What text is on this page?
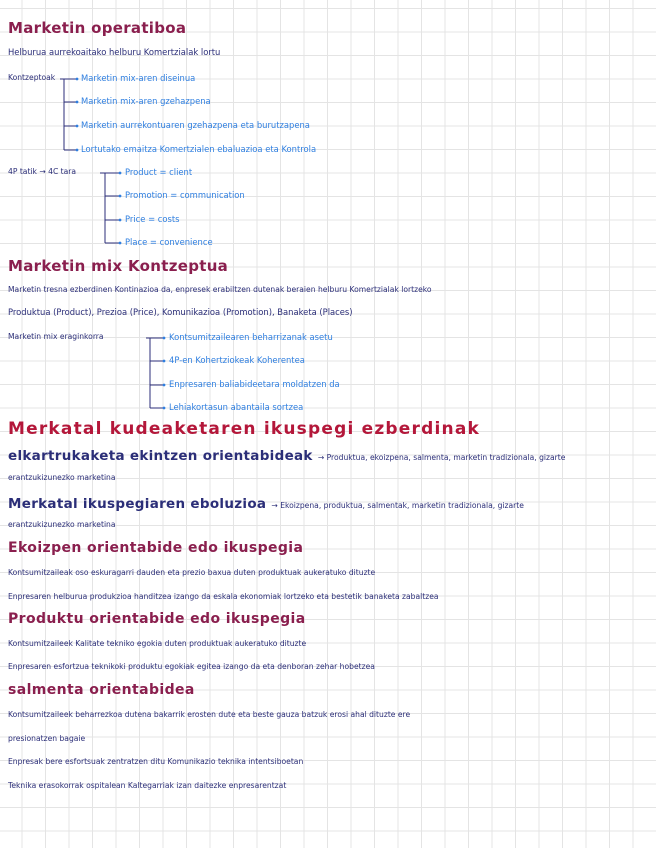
Marketin operatiboa
Helburua aurrekoaitako helburu Komertzialak lortu
Kontzeptoak	Marketin mix-aren diseinua
Marketin mix-aren gzehazpena
Marketin aurrekontuaren gzehazpena eta burutzapena
Lortutako emaitza Komertzialen ebaluazioa eta Kontrola
4P tatik → 4C tara	Product = client
Promotion = communication
Price = costs
Place = convenience
Marketin mix Kontzeptua
Marketin tresna ezberdinen Kontinazioa da, enpresek erabiltzen dutenak beraien helburu Komertzialak lortzeko
Produktua (Product), Prezioa (Price), Komunikazioa (Promotion), Banaketa (Places)
Marketin mix eraginkorra	Kontsumitzailearen beharrizanak asetu
4P-en Kohertziokeak Koherentea
Enpresaren baliabideetara moldatzen da
Lehiakortasun abantaila sortzea
Merkatal kudeaketaren ikuspegi ezberdinak
elkartrukaketa ekintzen orientabideak → Produktua, ekoizpena, salmenta, marketin tradizionala, gizarte
erantzukizunezko marketina
Merkatal ikuspegiaren eboluzioa → Ekoizpena, produktua, salmentak, marketin tradizionala, gizarte
erantzukizunezko marketina
Ekoizpen orientabide edo ikuspegia
Kontsumitzaileak oso eskuragarri dauden eta prezio baxua duten produktuak aukeratuko dituzte
Enpresaren helburua produkzioa handitzea izango da eskala ekonomiak lortzeko eta bestetik banaketa zabaltzea
Produktu orientabide edo ikuspegia
Kontsumitzaileek Kalitate tekniko egokia duten produktuak aukeratuko dituzte
Enpresaren esfortzua teknikoki produktu egokiak egitea izango da eta denboran zehar hobetzea
salmenta orientabidea
Kontsumitzaileek beharrezkoa dutena bakarrik erosten dute eta beste gauza batzuk erosi ahal dituzte ere
presionatzen bagaie
Enpresak bere esfortsuak zentratzen ditu Komunikazio teknika intentsiboetan
Teknika erasokorrak ospitalean Kaltegarriak izan daitezke enpresarentzat
